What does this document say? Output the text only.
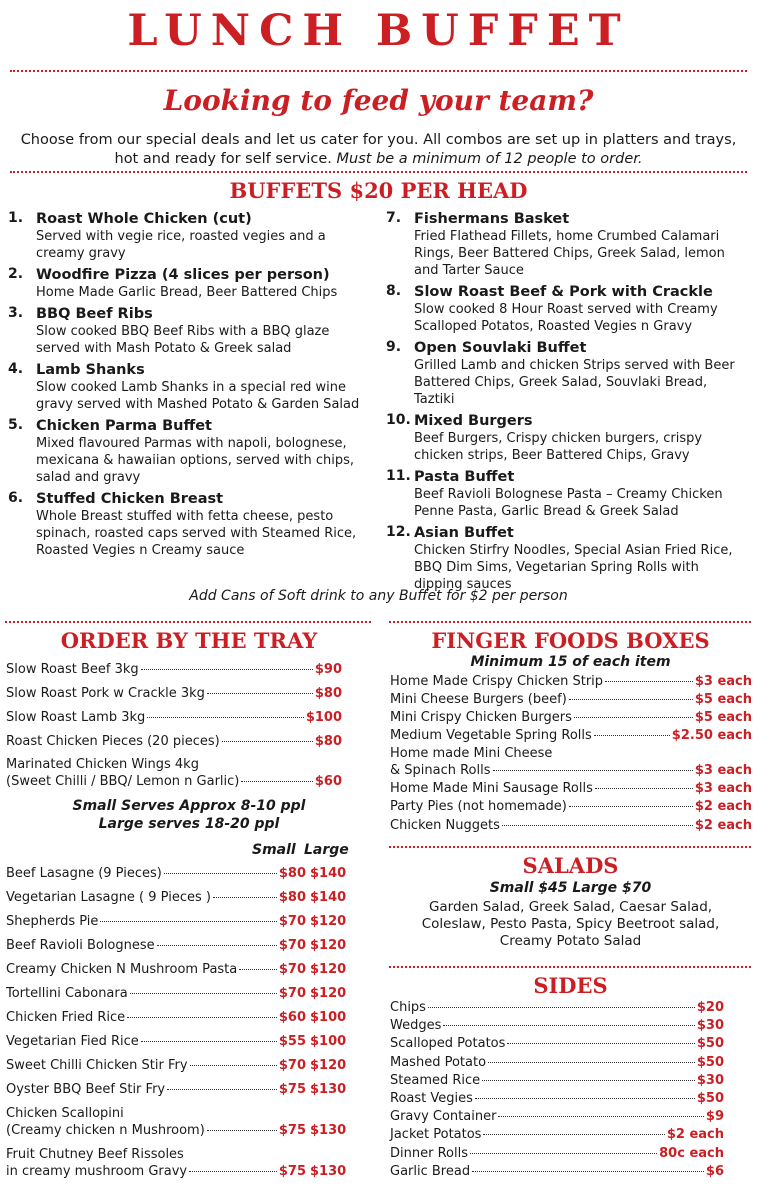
LUNCH BUFFET
Looking to feed your team?
Choose from our special deals and let us cater for you. All combos are set up in platters and trays, hot and ready for self service. Must be a minimum of 12 people to order.
BUFFETS $20 PER HEAD
1. Roast Whole Chicken (cut)
Served with vegie rice, roasted vegies and a creamy gravy
2. Woodfire Pizza (4 slices per person)
Home Made Garlic Bread, Beer Battered Chips
3. BBQ Beef Ribs
Slow cooked BBQ Beef Ribs with a BBQ glaze served with Mash Potato & Greek salad
4. Lamb Shanks
Slow cooked Lamb Shanks in a special red wine gravy served with Mashed Potato & Garden Salad
5. Chicken Parma Buffet
Mixed flavoured Parmas with napoli, bolognese, mexicana & hawaiian options, served with chips, salad and gravy
6. Stuffed Chicken Breast
Whole Breast stuffed with fetta cheese, pesto spinach, roasted caps served with Steamed Rice, Roasted Vegies n Creamy sauce
7. Fishermans Basket
Fried Flathead Fillets, home Crumbed Calamari Rings, Beer Battered Chips, Greek Salad, lemon and Tarter Sauce
8. Slow Roast Beef & Pork with Crackle
Slow cooked 8 Hour Roast served with Creamy Scalloped Potatos, Roasted Vegies n Gravy
9. Open Souvlaki Buffet
Grilled Lamb and chicken Strips served with Beer Battered Chips, Greek Salad, Souvlaki Bread, Taztiki
10. Mixed Burgers
Beef Burgers, Crispy chicken burgers, crispy chicken strips, Beer Battered Chips, Gravy
11. Pasta Buffet
Beef Ravioli Bolognese Pasta – Creamy Chicken Penne Pasta, Garlic Bread & Greek Salad
12. Asian Buffet
Chicken Stirfry Noodles, Special Asian Fried Rice, BBQ Dim Sims, Vegetarian Spring Rolls with dipping sauces
Add Cans of Soft drink to any Buffet for $2 per person
ORDER BY THE TRAY
Slow Roast Beef 3kg	$90
Slow Roast Pork w Crackle 3kg	$80
Slow Roast Lamb 3kg	$100
Roast Chicken Pieces (20 pieces)	$80
Marinated Chicken Wings 4kg
(Sweet Chilli / BBQ/ Lemon n Garlic)	$60
Small Serves Approx 8-10 ppl
Large serves 18-20 ppl
Small Large
Beef Lasagne (9 Pieces)	$80 $140
Vegetarian Lasagne ( 9 Pieces )	$80 $140
Shepherds Pie	$70 $120
Beef Ravioli Bolognese	$70 $120
Creamy Chicken N Mushroom Pasta	$70 $120
Tortellini Cabonara	$70 $120
Chicken Fried Rice	$60 $100
Vegetarian Fied Rice	$55 $100
Sweet Chilli Chicken Stir Fry	$70 $120
Oyster BBQ Beef Stir Fry	$75 $130
Chicken Scallopini
(Creamy chicken n Mushroom)	$75 $130
Fruit Chutney Beef Rissoles
in creamy mushroom Gravy	$75 $130
FINGER FOODS BOXES
Minimum 15 of each item
Home Made Crispy Chicken Strip	$3 each
Mini Cheese Burgers (beef)	$5 each
Mini Crispy Chicken Burgers	$5 each
Medium Vegetable Spring Rolls	$2.50 each
Home made Mini Cheese
& Spinach Rolls	$3 each
Home Made Mini Sausage Rolls	$3 each
Party Pies (not homemade)	$2 each
Chicken Nuggets	$2 each
SALADS
Small $45 Large $70
Garden Salad, Greek Salad, Caesar Salad,
Coleslaw, Pesto Pasta, Spicy Beetroot salad,
Creamy Potato Salad
SIDES
Chips	$20
Wedges	$30
Scalloped Potatos	$50
Mashed Potato	$50
Steamed Rice	$30
Roast Vegies	$50
Gravy Container	$9
Jacket Potatos	$2 each
Dinner Rolls	80c each
Garlic Bread	$6
